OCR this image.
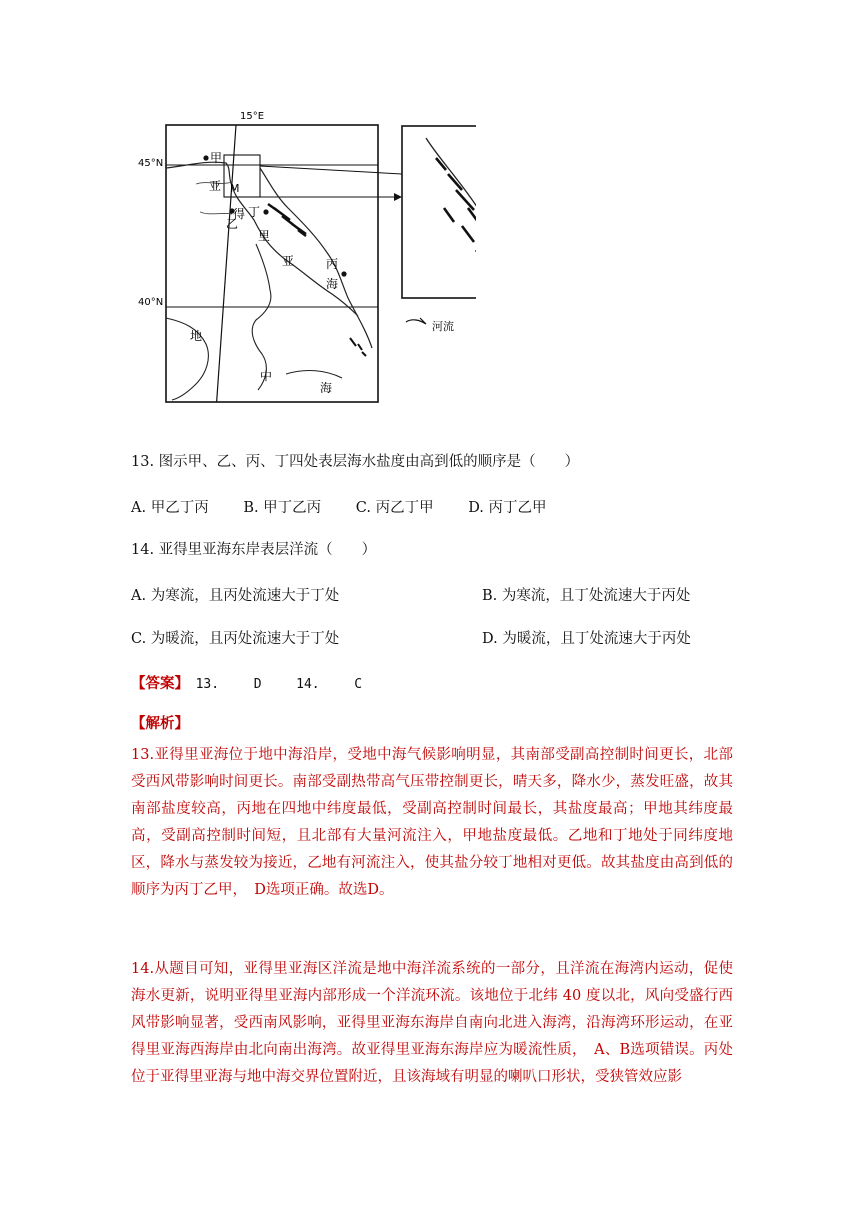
15°E
45°N
40°N
甲
M
亚
得 丁
乙
里
亚	丙
海
地
中
海
河流
13. 图示甲、乙、丙、丁四处表层海水盐度由高到低的顺序是（　　）
A. 甲乙丁丙 B. 甲丁乙丙 C. 丙乙丁甲 D. 丙丁乙甲
14. 亚得里亚海东岸表层洋流（　　）
A. 为寒流，且丙处流速大于丁处	B. 为寒流，且丁处流速大于丙处
C. 为暖流，且丙处流速大于丁处	D. 为暖流，且丁处流速大于丙处
【答案】 13.	D	14.	C
【解析】

13.亚得里亚海位于地中海沿岸，受地中海气候影响明显，其南部受副高控制时间更长，北部受西风带影响时间更长。南部受副热带高气压带控制更长，晴天多，降水少，蒸发旺盛，故其南部盐度较高，丙地在四地中纬度最低，受副高控制时间最长，其盐度最高；甲地其纬度最高，受副高控制时间短，且北部有大量河流注入，甲地盐度最低。乙地和丁地处于同纬度地区，降水与蒸发较为接近，乙地有河流注入，使其盐分较丁地相对更低。故其盐度由高到低的顺序为丙丁乙甲，　D选项正确。故选D。

14.从题目可知，亚得里亚海区洋流是地中海洋流系统的一部分，且洋流在海湾内运动，促使海水更新，说明亚得里亚海内部形成一个洋流环流。该地位于北纬 40 度以北，风向受盛行西风带影响显著，受西南风影响，亚得里亚海东海岸自南向北进入海湾，沿海湾环形运动，在亚得里亚海西海岸由北向南出海湾。故亚得里亚海东海岸应为暖流性质，　A、B选项错误。丙处位于亚得里亚海与地中海交界位置附近，且该海域有明显的喇叭口形状，受狭管效应影
